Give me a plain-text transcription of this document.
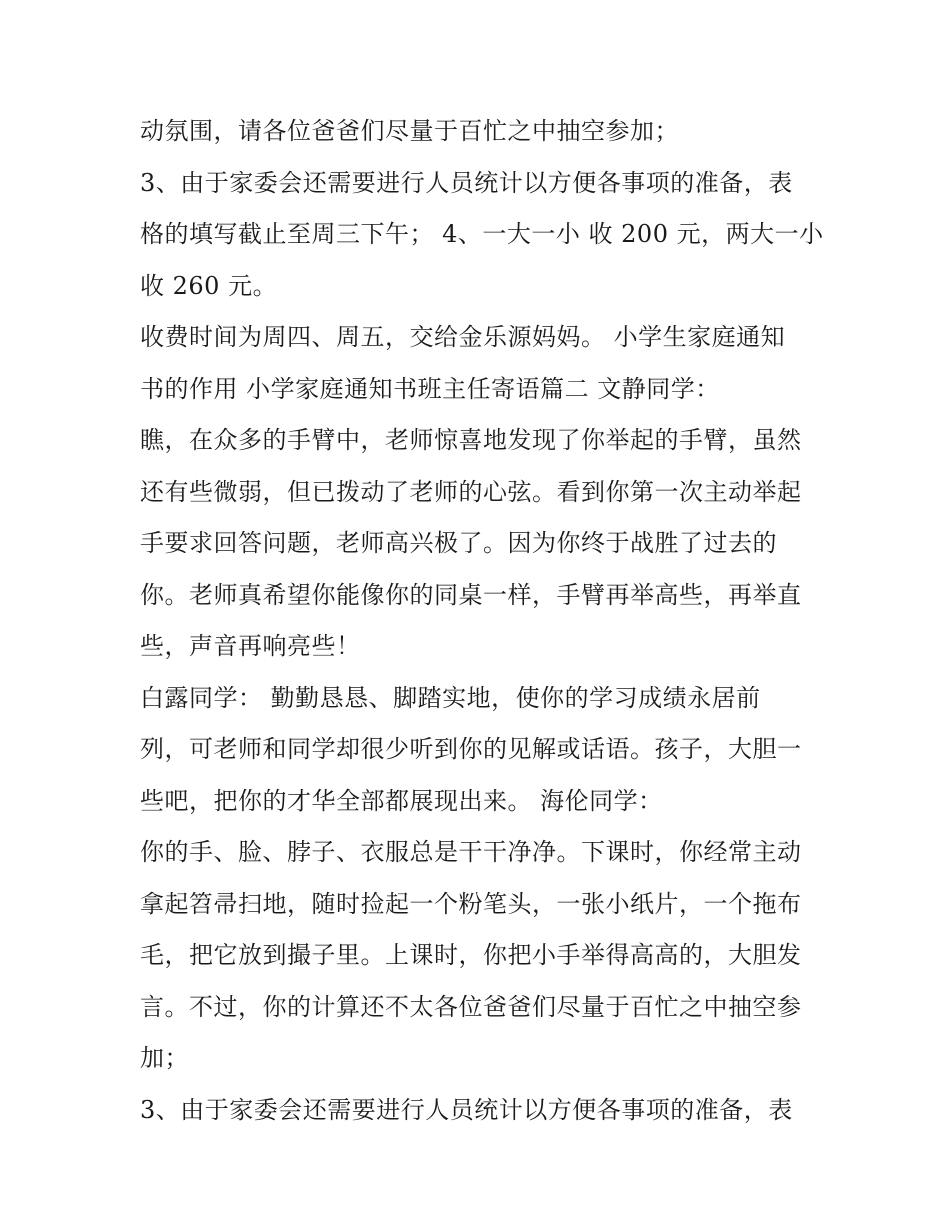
动氛围，请各位爸爸们尽量于百忙之中抽空参加；
3、由于家委会还需要进行人员统计以方便各事项的准备，表
格的填写截止至周三下午； 4、一大一小 收 200 元，两大一小
收 260 元。
收费时间为周四、周五，交给金乐源妈妈。 小学生家庭通知
书的作用 小学家庭通知书班主任寄语篇二 文静同学：
瞧，在众多的手臂中，老师惊喜地发现了你举起的手臂，虽然
还有些微弱，但已拨动了老师的心弦。看到你第一次主动举起
手要求回答问题，老师高兴极了。因为你终于战胜了过去的
你。老师真希望你能像你的同桌一样，手臂再举高些，再举直
些，声音再响亮些！
白露同学： 勤勤恳恳、脚踏实地，使你的学习成绩永居前
列，可老师和同学却很少听到你的见解或话语。孩子，大胆一
些吧，把你的才华全部都展现出来。 海伦同学：
你的手、脸、脖子、衣服总是干干净净。下课时，你经常主动
拿起笤帚扫地，随时捡起一个粉笔头，一张小纸片，一个拖布
毛，把它放到撮子里。上课时，你把小手举得高高的，大胆发
言。不过，你的计算还不太各位爸爸们尽量于百忙之中抽空参
加；
3、由于家委会还需要进行人员统计以方便各事项的准备，表
